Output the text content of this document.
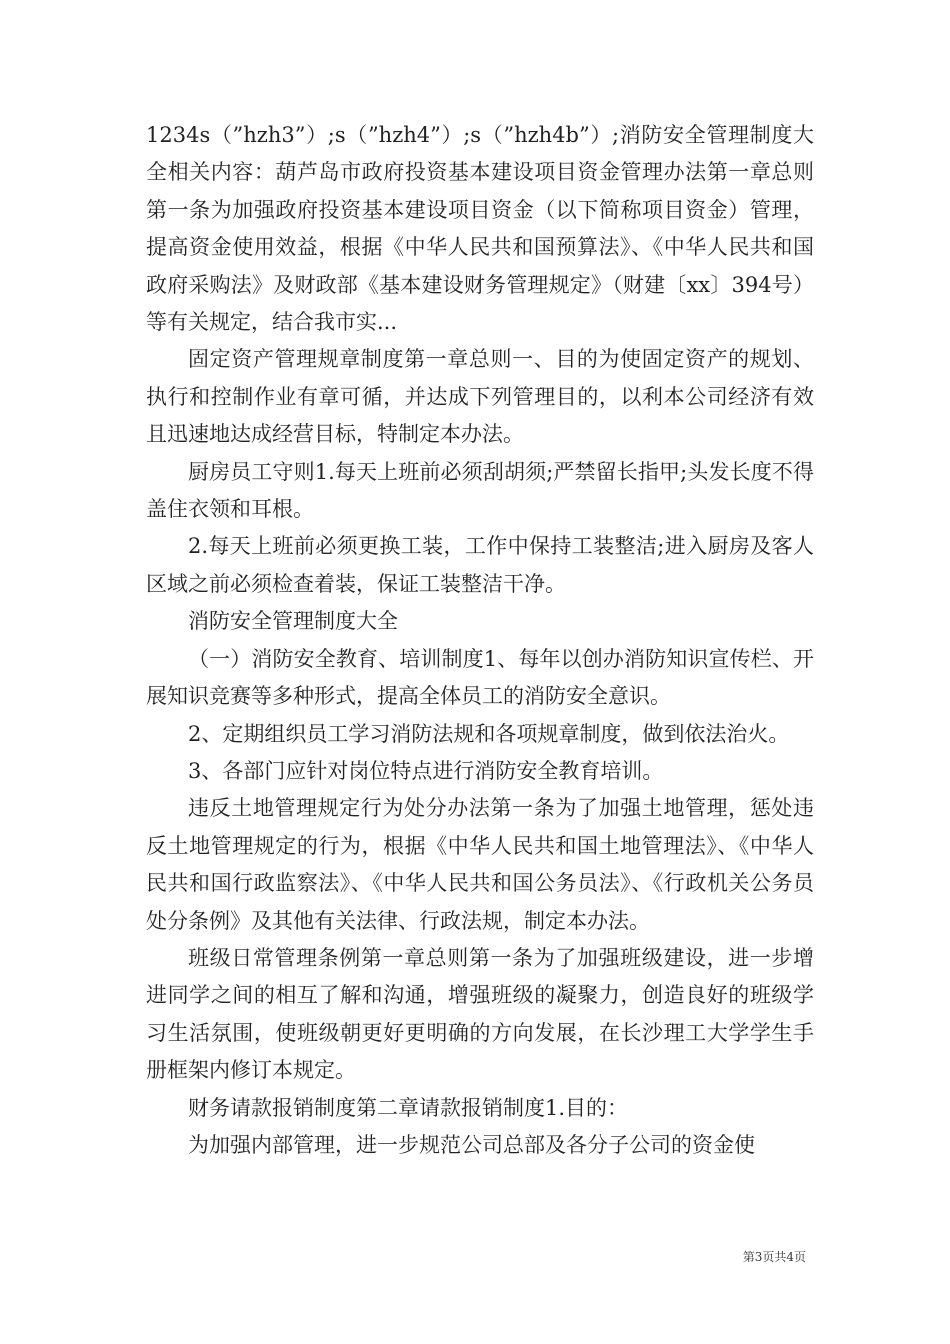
1234s（”hzh3”）;s（”hzh4”）;s（”hzh4b”）;消防安全管理制度大全相关内容：葫芦岛市政府投资基本建设项目资金管理办法第一章总则第一条为加强政府投资基本建设项目资金（以下简称项目资金）管理，提高资金使用效益，根据《中华人民共和国预算法》、《中华人民共和国政府采购法》及财政部《基本建设财务管理规定》（财建〔xx〕394号）等有关规定，结合我市实...

固定资产管理规章制度第一章总则一、目的为使固定资产的规划、执行和控制作业有章可循，并达成下列管理目的，以利本公司经济有效且迅速地达成经营目标，特制定本办法。

厨房员工守则1.每天上班前必须刮胡须;严禁留长指甲;头发长度不得盖住衣领和耳根。

2.每天上班前必须更换工装，工作中保持工装整洁;进入厨房及客人区域之前必须检查着装，保证工装整洁干净。

消防安全管理制度大全

（一）消防安全教育、培训制度1、每年以创办消防知识宣传栏、开展知识竞赛等多种形式，提高全体员工的消防安全意识。

2、定期组织员工学习消防法规和各项规章制度，做到依法治火。

3、各部门应针对岗位特点进行消防安全教育培训。

违反土地管理规定行为处分办法第一条为了加强土地管理，惩处违反土地管理规定的行为，根据《中华人民共和国土地管理法》、《中华人民共和国行政监察法》、《中华人民共和国公务员法》、《行政机关公务员处分条例》及其他有关法律、行政法规，制定本办法。

班级日常管理条例第一章总则第一条为了加强班级建设，进一步增进同学之间的相互了解和沟通，增强班级的凝聚力，创造良好的班级学习生活氛围，使班级朝更好更明确的方向发展，在长沙理工大学学生手册框架内修订本规定。

财务请款报销制度第二章请款报销制度1.目的：

为加强内部管理，进一步规范公司总部及各分子公司的资金使

第3页共4页
